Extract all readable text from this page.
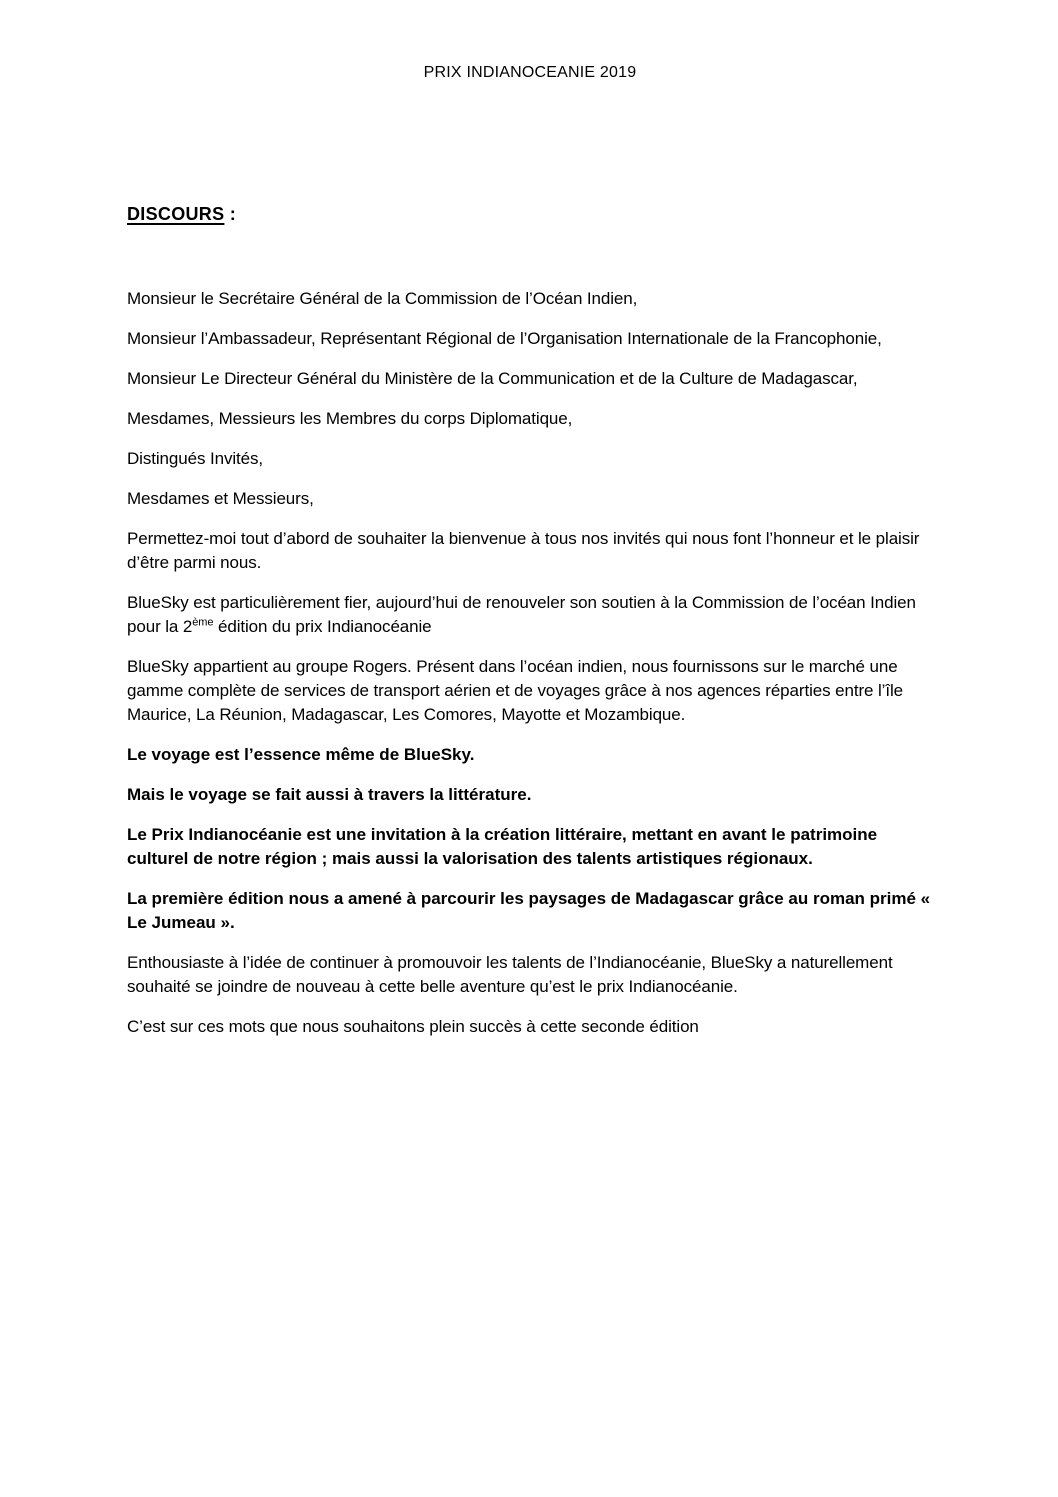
PRIX INDIANOCEANIE 2019
DISCOURS :

Monsieur le Secrétaire Général de la Commission de l’Océan Indien,

Monsieur l’Ambassadeur, Représentant Régional de l’Organisation Internationale de la Francophonie,

Monsieur Le Directeur Général du Ministère de la Communication et de la Culture de Madagascar,

Mesdames, Messieurs les Membres du corps Diplomatique,

Distingués Invités,

Mesdames et Messieurs,

Permettez-moi tout d’abord de souhaiter la bienvenue à tous nos invités qui nous font l’honneur et le plaisir d’être parmi nous.

BlueSky est particulièrement fier, aujourd’hui de renouveler son soutien à la Commission de l’océan Indien pour la 2ème édition du prix Indianocéanie

BlueSky appartient au groupe Rogers. Présent dans l’océan indien, nous fournissons sur le marché une gamme complète de services de transport aérien et de voyages grâce à nos agences réparties entre l’île Maurice, La Réunion, Madagascar, Les Comores, Mayotte et Mozambique.

Le voyage est l’essence même de BlueSky.

Mais le voyage se fait aussi à travers la littérature.

Le Prix Indianocéanie est une invitation à la création littéraire, mettant en avant le patrimoine culturel de notre région ; mais aussi la valorisation des talents artistiques régionaux.

La première édition nous a amené à parcourir les paysages de Madagascar grâce au roman primé « Le Jumeau ».

Enthousiaste à l’idée de continuer à promouvoir les talents de l’Indianocéanie, BlueSky a naturellement souhaité se joindre de nouveau à cette belle aventure qu’est le prix Indianocéanie.

C’est sur ces mots que nous souhaitons plein succès à cette seconde édition
